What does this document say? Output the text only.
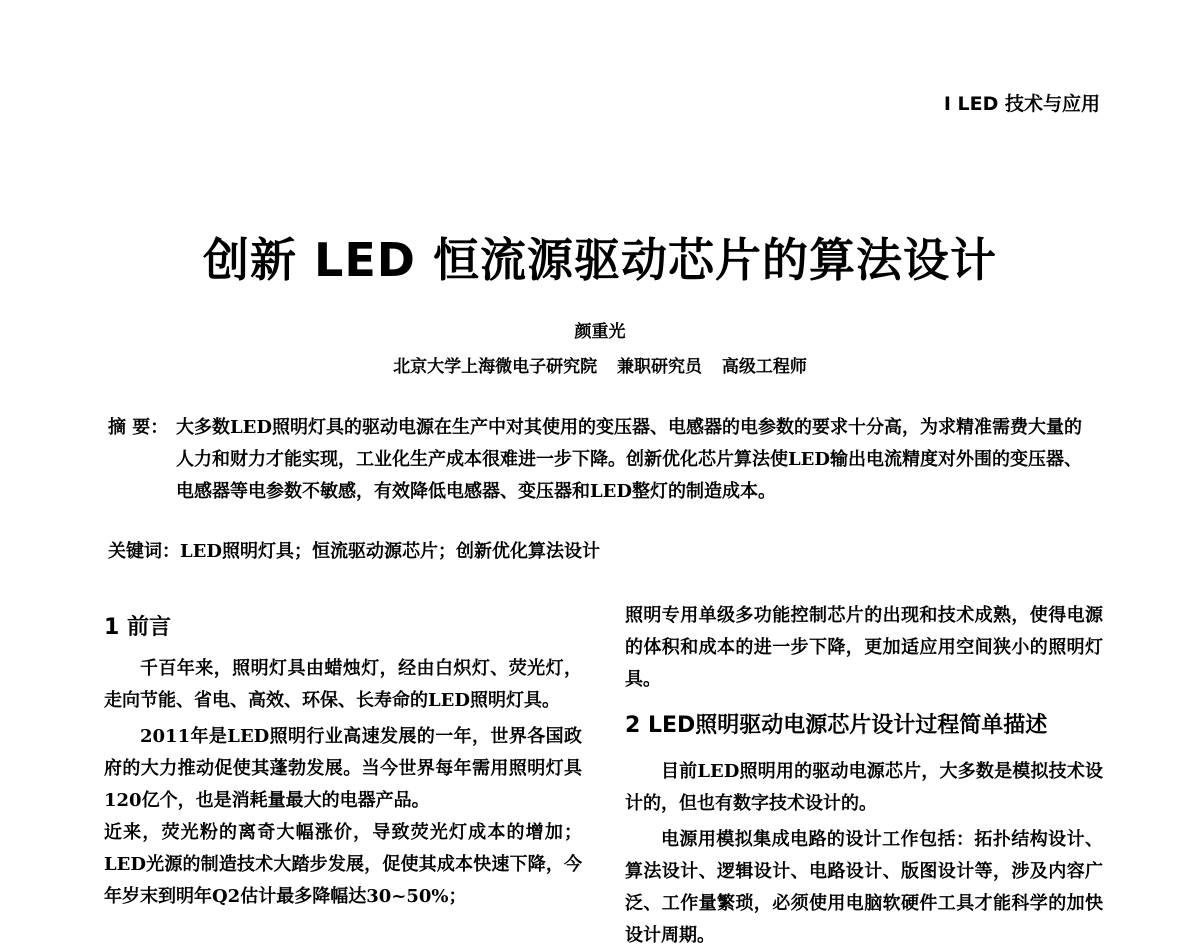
Ⅰ LED 技术与应用
创新 LED 恒流源驱动芯片的算法设计
颜重光
北京大学上海微电子研究院 兼职研究员 高级工程师
摘 要： 大多数LED照明灯具的驱动电源在生产中对其使用的变压器、电感器的电参数的要求十分高，为求精准需费大量的人力和财力才能实现，工业化生产成本很难进一步下降。创新优化芯片算法使LED输出电流精度对外围的变压器、电感器等电参数不敏感，有效降低电感器、变压器和LED整灯的制造成本。
关键词：LED照明灯具；恒流驱动源芯片；创新优化算法设计
1 前言

千百年来，照明灯具由蜡烛灯，经由白炽灯、荧光灯，走向节能、省电、高效、环保、长寿命的LED照明灯具。

2011年是LED照明行业高速发展的一年，世界各国政府的大力推动促使其蓬勃发展。当今世界每年需用照明灯具120亿个，也是消耗量最大的电器产品。

近来，荧光粉的离奇大幅涨价，导致荧光灯成本的增加；LED光源的制造技术大踏步发展，促使其成本快速下降，今年岁末到明年Q2估计最多降幅达30~50%；

照明专用单级多功能控制芯片的出现和技术成熟，使得电源的体积和成本的进一步下降，更加适应用空间狭小的照明灯具。

2 LED照明驱动电源芯片设计过程简单描述

目前LED照明用的驱动电源芯片，大多数是模拟技术设计的，但也有数字技术设计的。

电源用模拟集成电路的设计工作包括：拓扑结构设计、算法设计、逻辑设计、电路设计、版图设计等，涉及内容广泛、工作量繁琐，必须使用电脑软硬件工具才能科学的加快设计周期。
